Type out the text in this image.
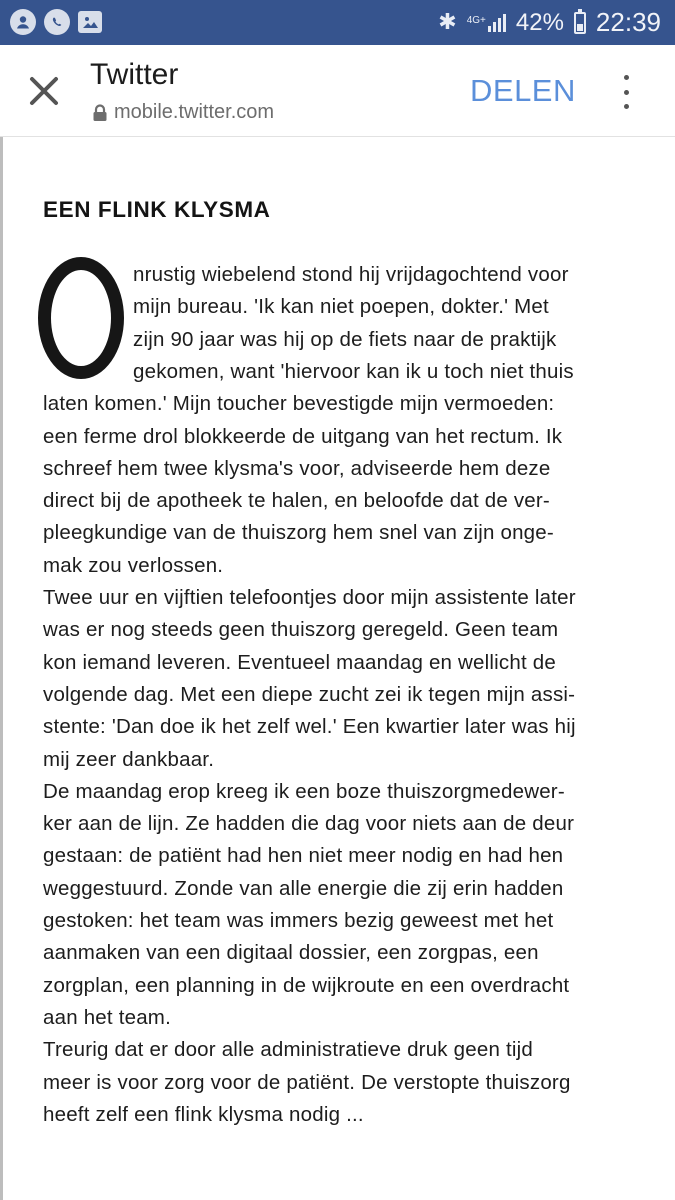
✱ 4G+ 42% 22:39
Twitter
mobile.twitter.com
DELEN
EEN FLINK KLYSMA
nrustig wiebelend stond hij vrijdagochtend voor
mijn bureau. 'Ik kan niet poepen, dokter.' Met
zijn 90 jaar was hij op de fiets naar de praktijk
gekomen, want 'hiervoor kan ik u toch niet thuis
laten komen.' Mijn toucher bevestigde mijn vermoeden:
een ferme drol blokkeerde de uitgang van het rectum. Ik
schreef hem twee klysma's voor, adviseerde hem deze
direct bij de apotheek te halen, en beloofde dat de ver-
pleegkundige van de thuiszorg hem snel van zijn onge-
mak zou verlossen.
Twee uur en vijftien telefoontjes door mijn assistente later
was er nog steeds geen thuiszorg geregeld. Geen team
kon iemand leveren. Eventueel maandag en wellicht de
volgende dag. Met een diepe zucht zei ik tegen mijn assi-
stente: 'Dan doe ik het zelf wel.' Een kwartier later was hij
mij zeer dankbaar.
De maandag erop kreeg ik een boze thuiszorgmedewer-
ker aan de lijn. Ze hadden die dag voor niets aan de deur
gestaan: de patiënt had hen niet meer nodig en had hen
weggestuurd. Zonde van alle energie die zij erin hadden
gestoken: het team was immers bezig geweest met het
aanmaken van een digitaal dossier, een zorgpas, een
zorgplan, een planning in de wijkroute en een overdracht
aan het team.
Treurig dat er door alle administratieve druk geen tijd
meer is voor zorg voor de patiënt. De verstopte thuiszorg
heeft zelf een flink klysma nodig ...
